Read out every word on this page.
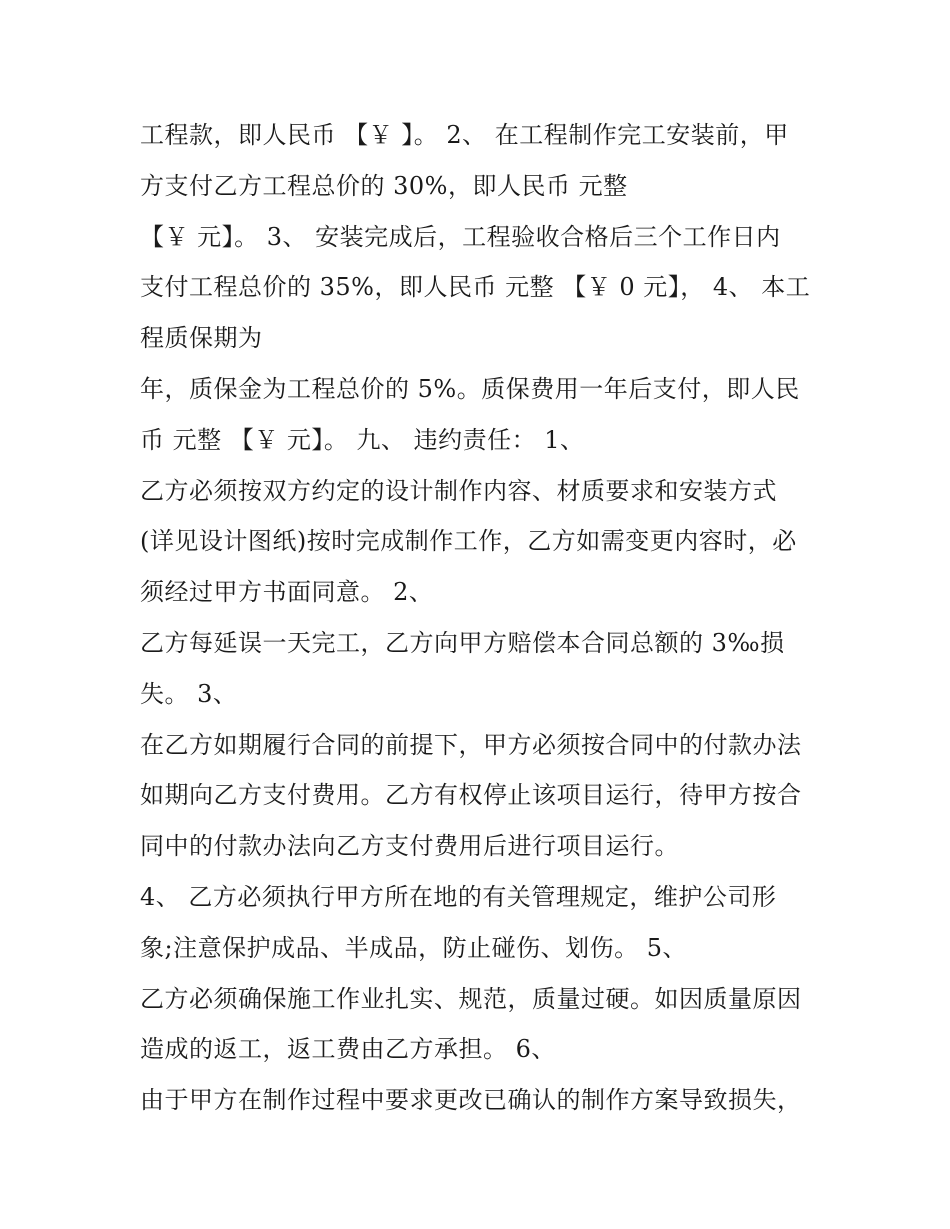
工程款，即人民币 【￥ 】。 2、 在工程制作完工安装前，甲
方支付乙方工程总价的 30%，即人民币 元整
【￥ 元】。 3、 安装完成后，工程验收合格后三个工作日内
支付工程总价的 35%，即人民币 元整 【￥ 0 元】， 4、 本工
程质保期为
年，质保金为工程总价的 5%。质保费用一年后支付，即人民
币 元整 【￥ 元】。 九、 违约责任： 1、
乙方必须按双方约定的设计制作内容、材质要求和安装方式
(详见设计图纸)按时完成制作工作，乙方如需变更内容时，必
须经过甲方书面同意。 2、
乙方每延误一天完工，乙方向甲方赔偿本合同总额的 3‰损
失。 3、
在乙方如期履行合同的前提下，甲方必须按合同中的付款办法
如期向乙方支付费用。乙方有权停止该项目运行，待甲方按合
同中的付款办法向乙方支付费用后进行项目运行。
4、 乙方必须执行甲方所在地的有关管理规定，维护公司形
象;注意保护成品、半成品，防止碰伤、划伤。 5、
乙方必须确保施工作业扎实、规范，质量过硬。如因质量原因
造成的返工，返工费由乙方承担。 6、
由于甲方在制作过程中要求更改已确认的制作方案导致损失，
